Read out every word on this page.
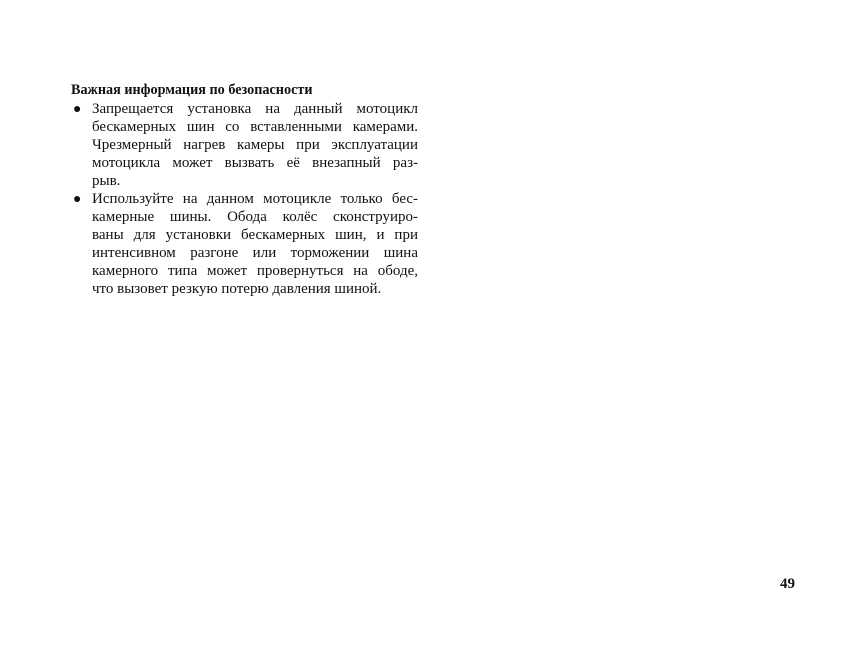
Важная информация по безопасности
● Запрещается установка на данный мотоцикл
бескамерных шин со вставленными камерами.
Чрезмерный нагрев камеры при эксплуатации
мотоцикла может вызвать её внезапный раз-
рыв.
● Используйте на данном мотоцикле только бес-
камерные шины. Обода колёс сконструиро-
ваны для установки бескамерных шин, и при
интенсивном разгоне или торможении шина
камерного типа может провернуться на ободе,
что вызовет резкую потерю давления шиной.
49
